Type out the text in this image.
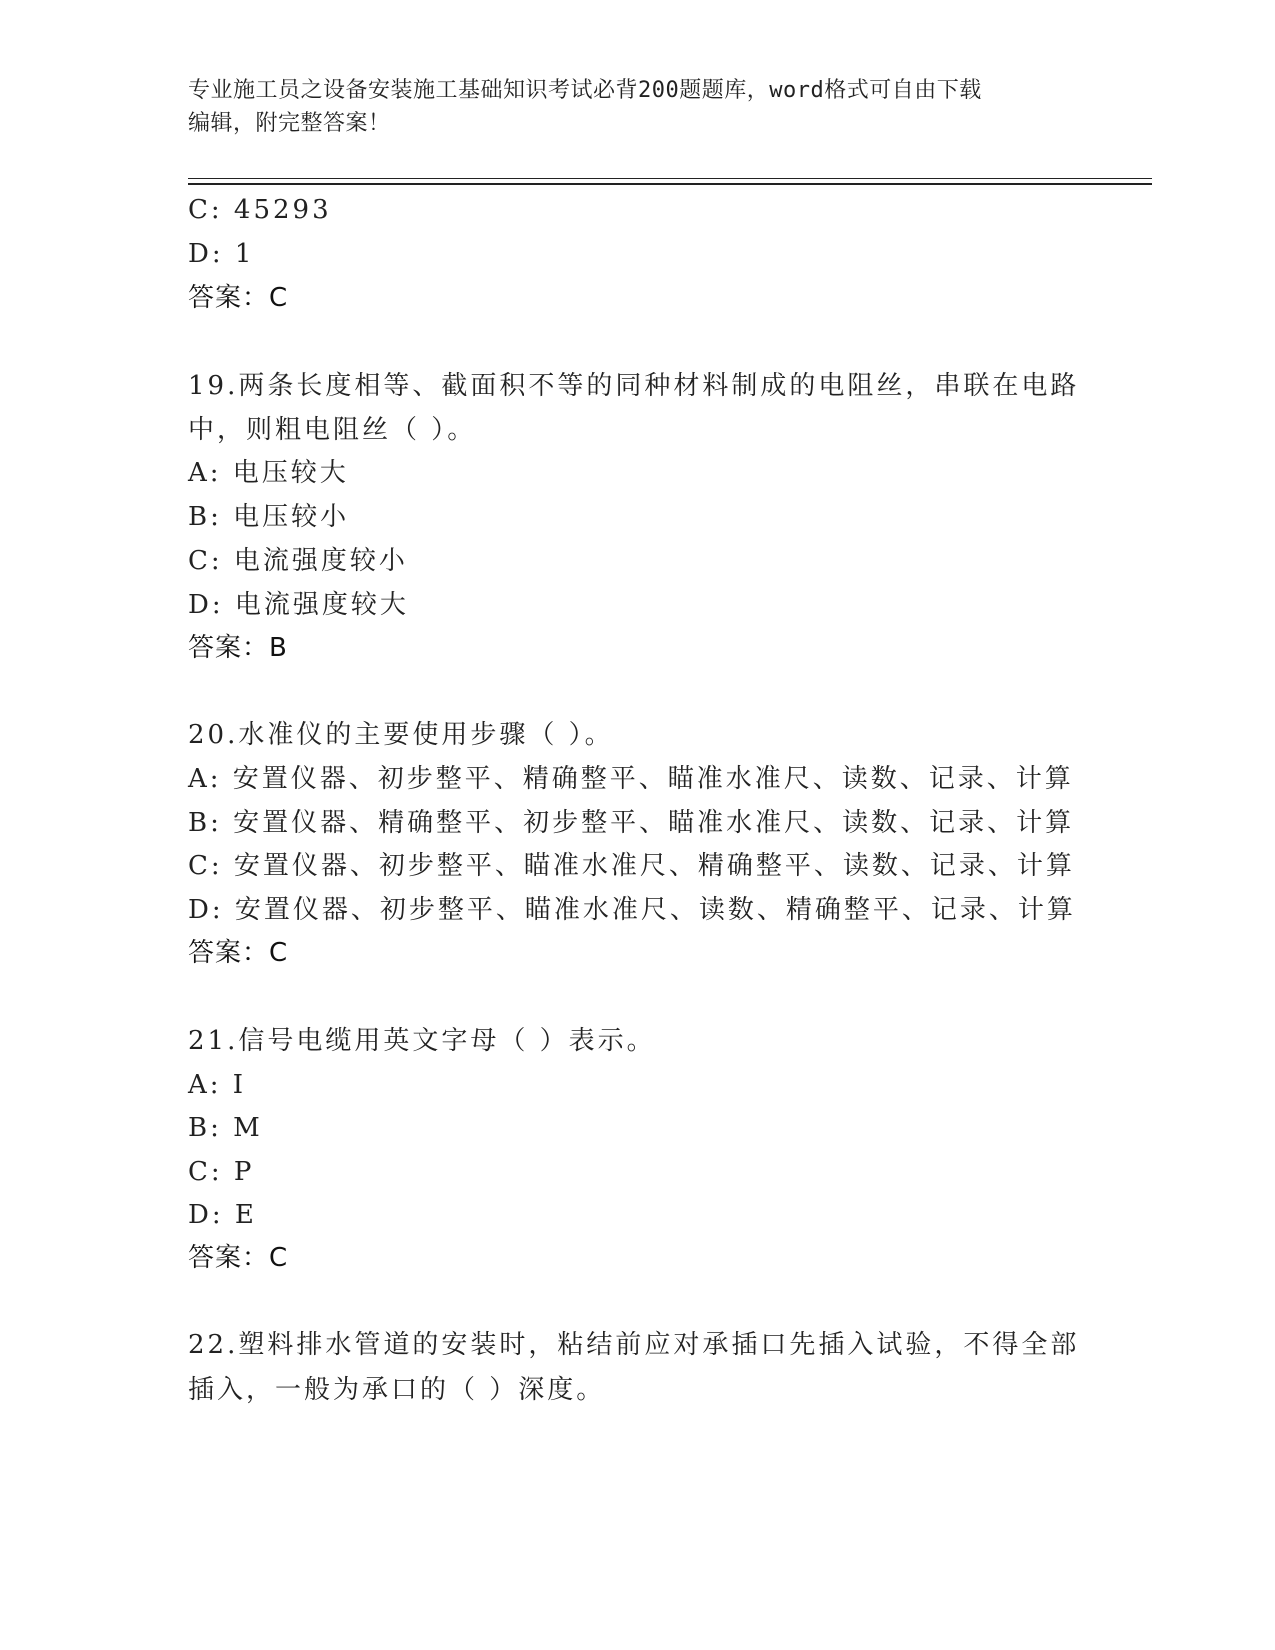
专业施工员之设备安装施工基础知识考试必背200题题库，word格式可自由下载
编辑，附完整答案！
C: 45293
D: 1
答案：C
19.两条长度相等、截面积不等的同种材料制成的电阻丝，串联在电路
中，则粗电阻丝（ ）。
A: 电压较大
B: 电压较小
C: 电流强度较小
D: 电流强度较大
答案：B
20.水准仪的主要使用步骤（ ）。
A: 安置仪器、初步整平、精确整平、瞄准水准尺、读数、记录、计算
B: 安置仪器、精确整平、初步整平、瞄准水准尺、读数、记录、计算
C: 安置仪器、初步整平、瞄准水准尺、精确整平、读数、记录、计算
D: 安置仪器、初步整平、瞄准水准尺、读数、精确整平、记录、计算
答案：C
21.信号电缆用英文字母（ ）表示。
A: I
B: M
C: P
D: E
答案：C
22.塑料排水管道的安装时，粘结前应对承插口先插入试验，不得全部
插入，一般为承口的（ ）深度。
